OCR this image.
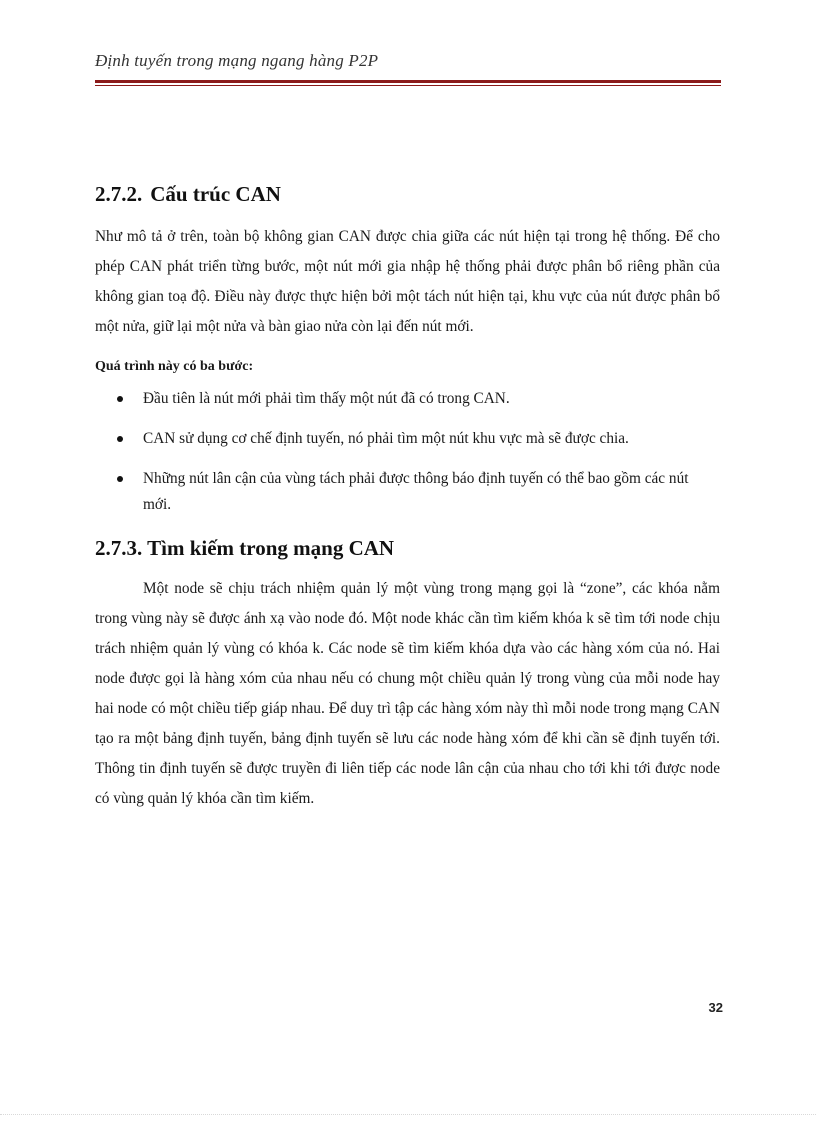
Định tuyến trong mạng ngang hàng P2P
2.7.2. Cấu trúc CAN

Như mô tả ở trên, toàn bộ không gian CAN được chia giữa các nút hiện tại trong hệ thống. Để cho phép CAN phát triển từng bước, một nút mới gia nhập hệ thống phải được phân bổ riêng phần của không gian toạ độ. Điều này được thực hiện bởi một tách nút hiện tại, khu vực của nút được phân bổ một nửa, giữ lại một nửa và bàn giao nửa còn lại đến nút mới.

Quá trình này có ba bước:
Đầu tiên là nút mới phải tìm thấy một nút đã có trong CAN.
CAN sử dụng cơ chế định tuyến, nó phải tìm một nút khu vực mà sẽ được chia.
Những nút lân cận của vùng tách phải được thông báo định tuyến có thể bao gồm các nút mới.
2.7.3. Tìm kiếm trong mạng CAN

Một node sẽ chịu trách nhiệm quản lý một vùng trong mạng gọi là “zone”, các khóa nằm trong vùng này sẽ được ánh xạ vào node đó. Một node khác cần tìm kiếm khóa k sẽ tìm tới node chịu trách nhiệm quản lý vùng có khóa k. Các node sẽ tìm kiếm khóa dựa vào các hàng xóm của nó. Hai node được gọi là hàng xóm của nhau nếu có chung một chiều quản lý trong vùng của mỗi node hay hai node có một chiều tiếp giáp nhau. Để duy trì tập các hàng xóm này thì mỗi node trong mạng CAN tạo ra một bảng định tuyến, bảng định tuyến sẽ lưu các node hàng xóm để khi cần sẽ định tuyến tới. Thông tin định tuyến sẽ được truyền đi liên tiếp các node lân cận của nhau cho tới khi tới được node có vùng quản lý khóa cần tìm kiếm.

32
